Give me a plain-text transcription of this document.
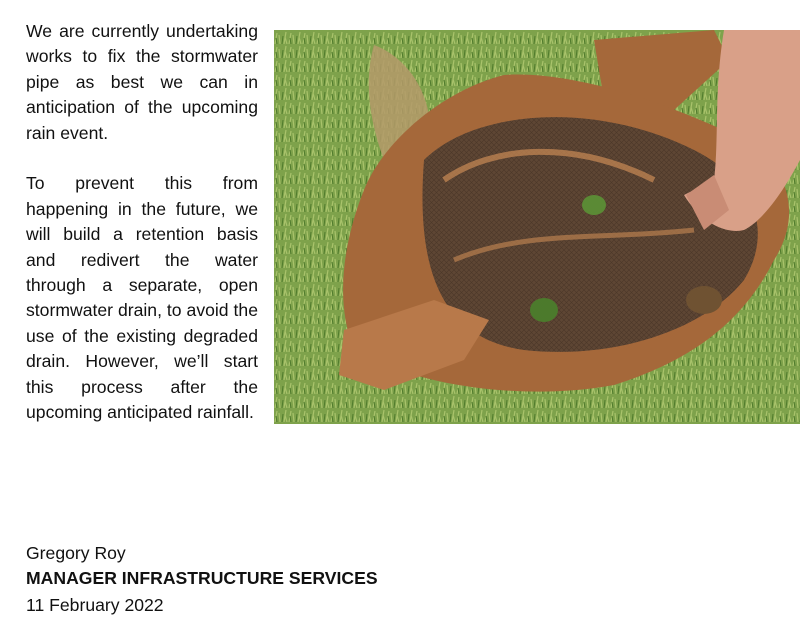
We are currently undertaking works to fix the stormwater pipe as best we can in anticipation of the upcoming rain event.

To prevent this from happening in the future, we will build a retention basis and redivert the water through a separate, open stormwater drain, to avoid the use of the existing degraded drain. However, we’ll start this process after the upcoming anticipated rainfall.

Gregory Roy
MANAGER INFRASTRUCTURE SERVICES
11 February 2022
